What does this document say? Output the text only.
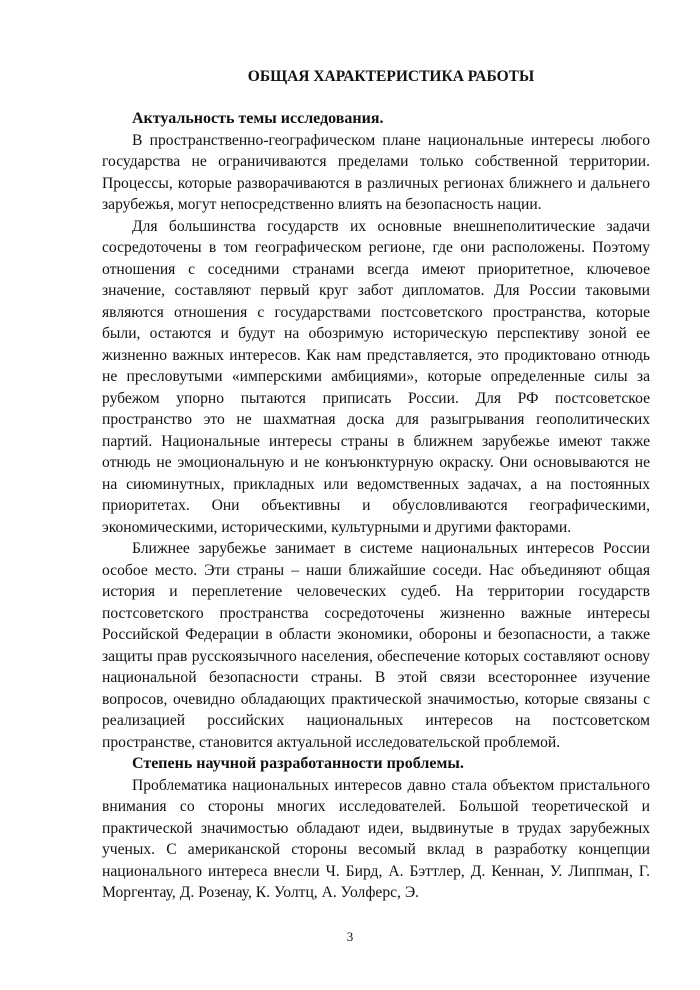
ОБЩАЯ ХАРАКТЕРИСТИКА РАБОТЫ

Актуальность темы исследования.

В пространственно-географическом плане национальные интересы любого государства не ограничиваются пределами только собственной территории. Процессы, которые разворачиваются в различных регионах ближнего и дальнего зарубежья, могут непосредственно влиять на безопасность нации.

Для большинства государств их основные внешнеполитические задачи сосредоточены в том географическом регионе, где они расположены. Поэтому отношения с соседними странами всегда имеют приоритетное, ключевое значение, составляют первый круг забот дипломатов. Для России таковыми являются отношения с государствами постсоветского пространства, которые были, остаются и будут на обозримую историческую перспективу зоной ее жизненно важных интересов. Как нам представляется, это продиктовано отнюдь не пресловутыми «имперскими амбициями», которые определенные силы за рубежом упорно пытаются приписать России. Для РФ постсоветское пространство это не шахматная доска для разыгрывания геополитических партий. Национальные интересы страны в ближнем зарубежье имеют также отнюдь не эмоциональную и не конъюнктурную окраску. Они основываются не на сиюминутных, прикладных или ведомственных задачах, а на постоянных приоритетах. Они объективны и обусловливаются географическими, экономическими, историческими, культурными и другими факторами.

Ближнее зарубежье занимает в системе национальных интересов России особое место. Эти страны – наши ближайшие соседи. Нас объединяют общая история и переплетение человеческих судеб. На территории государств постсоветского пространства сосредоточены жизненно важные интересы Российской Федерации в области экономики, обороны и безопасности, а также защиты прав русскоязычного населения, обеспечение которых составляют основу национальной безопасности страны. В этой связи всестороннее изучение вопросов, очевидно обладающих практической значимостью, которые связаны с реализацией российских национальных интересов на постсоветском пространстве, становится актуальной исследовательской проблемой.

Степень научной разработанности проблемы.

Проблематика национальных интересов давно стала объектом пристального внимания со стороны многих исследователей. Большой теоретической и практической значимостью обладают идеи, выдвинутые в трудах зарубежных ученых. С американской стороны весомый вклад в разработку концепции национального интереса внесли Ч. Бирд, А. Бэттлер, Д. Кеннан, У. Липпман, Г. Моргентау, Д. Розенау, К. Уолтц, А. Уолферс, Э.

3
